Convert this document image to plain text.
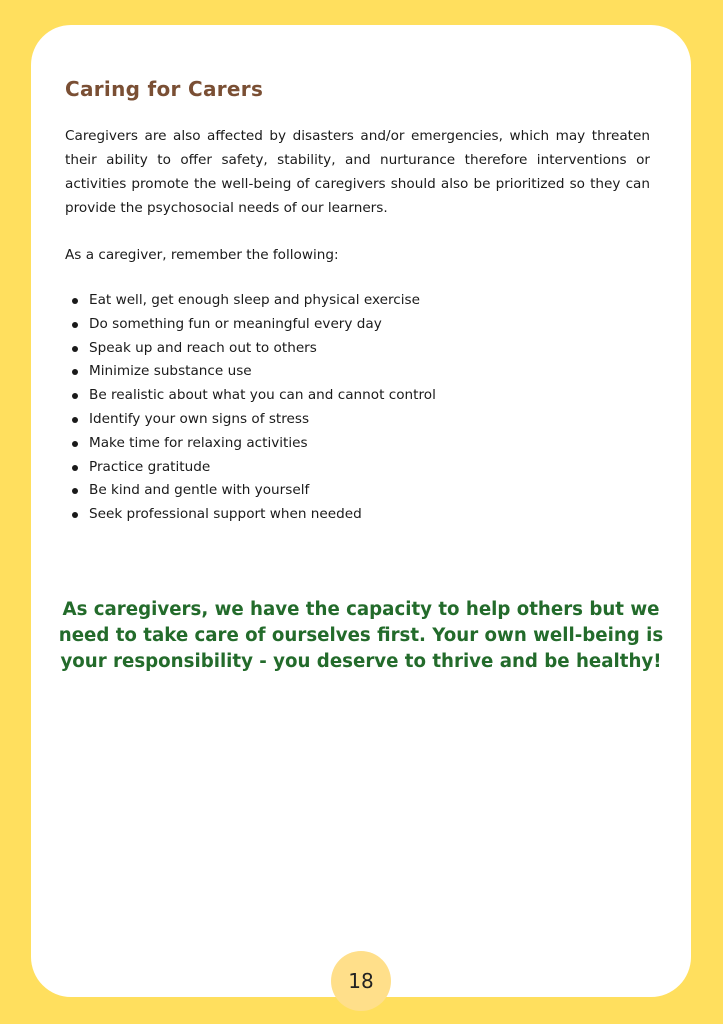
Caring for Carers

Caregivers are also affected by disasters and/or emergencies, which may threaten their ability to offer safety, stability, and nurturance therefore interventions or activities promote the well-being of caregivers should also be prioritized so they can provide the psychosocial needs of our learners.

As a caregiver, remember the following:

Eat well, get enough sleep and physical exercise
Do something fun or meaningful every day
Speak up and reach out to others
Minimize substance use
Be realistic about what you can and cannot control
Identify your own signs of stress
Make time for relaxing activities
Practice gratitude
Be kind and gentle with yourself
Seek professional support when needed

As caregivers, we have the capacity to help others but we need to take care of ourselves first. Your own well-being is your responsibility - you deserve to thrive and be healthy!

18
